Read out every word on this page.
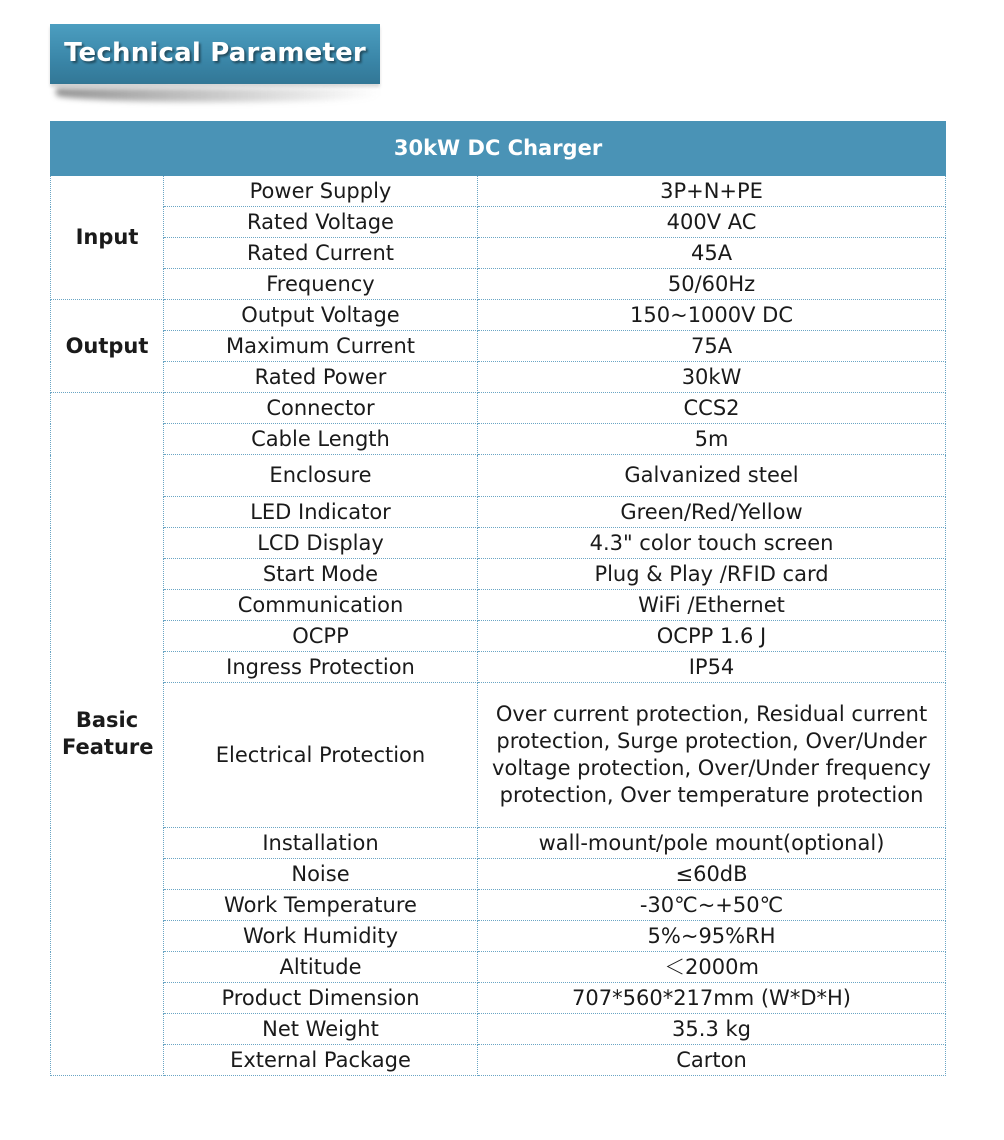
Technical Parameter
30kW DC Charger		
Input	Power Supply	3P+N+PE
	Rated Voltage	400V AC
	Rated Current	45A
	Frequency	50/60Hz
Output	Output Voltage	150~1000V DC
	Maximum Current	75A
	Rated Power	30kW
Basic Feature	Connector	CCS2
	Cable Length	5m
	Enclosure	Galvanized steel
	LED Indicator	Green/Red/Yellow
	LCD Display	4.3" color touch screen
	Start Mode	Plug & Play /RFID card
	Communication	WiFi /Ethernet
	OCPP	OCPP 1.6 J
	Ingress Protection	IP54
	Electrical Protection	Over current protection, Residual current protection, Surge protection, Over/Under voltage protection, Over/Under frequency protection, Over temperature protection
	Installation	wall-mount/pole mount(optional)
	Noise	≤60dB
	Work Temperature	-30℃~+50℃
	Work Humidity	5%~95%RH
	Altitude	＜2000m
	Product Dimension	707*560*217mm (W*D*H)
	Net Weight	35.3 kg
	External Package	Carton
